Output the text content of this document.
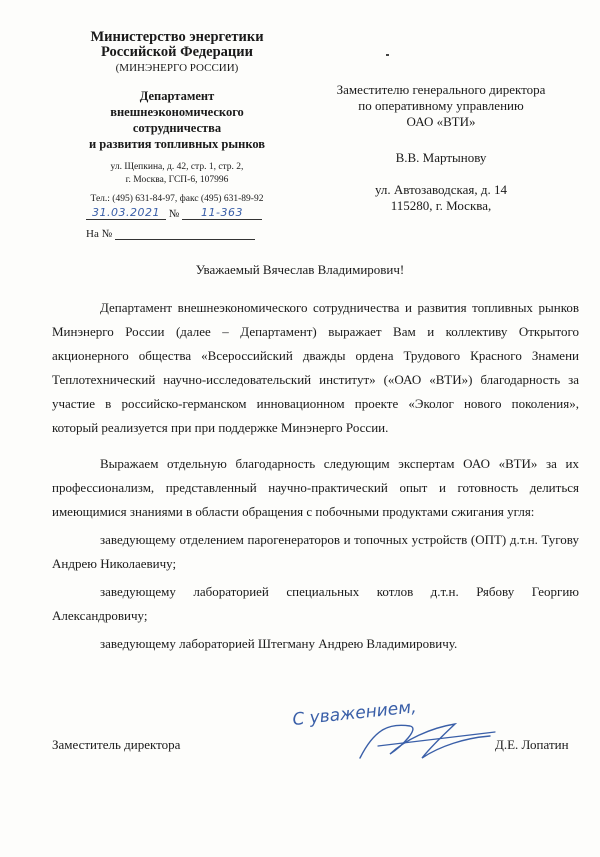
Министерство энергетики
Российской Федерации
(МИНЭНЕРГО РОССИИ)
Департамент
внешнеэкономического
сотрудничества
и развития топливных рынков
ул. Щепкина, д. 42, стр. 1, стр. 2,
г. Москва, ГСП-6, 107996
Тел.: (495) 631-84-97, факс (495) 631-89-92
31.03.2021 № 11-363
На №
Заместителю генерального директора
по оперативному управлению
ОАО «ВТИ»
В.В. Мартынову
ул. Автозаводская, д. 14
115280, г. Москва,
Уважаемый Вячеслав Владимирович!

Департамент внешнеэкономического сотрудничества и развития топливных рынков Минэнерго России (далее – Департамент) выражает Вам и коллективу Открытого акционерного общества «Всероссийский дважды ордена Трудового Красного Знамени Теплотехнический научно-исследовательский институт» («ОАО «ВТИ») благодарность за участие в российско-германском инновационном проекте «Эколог нового поколения», который реализуется при при поддержке Минэнерго России.

Выражаем отдельную благодарность следующим экспертам ОАО «ВТИ» за их профессионализм, представленный научно-практический опыт и готовность делиться имеющимися знаниями в области обращения с побочными продуктами сжигания угля:

заведующему отделением парогенераторов и топочных устройств (ОПТ) д.т.н. Тугову Андрею Николаевичу;

заведующему лабораторией специальных котлов д.т.н. Рябову Георгию Александровичу;

заведующему лабораторией Штегману Андрею Владимировичу.

Заместитель директора
С уважением,
Д.Е. Лопатин
